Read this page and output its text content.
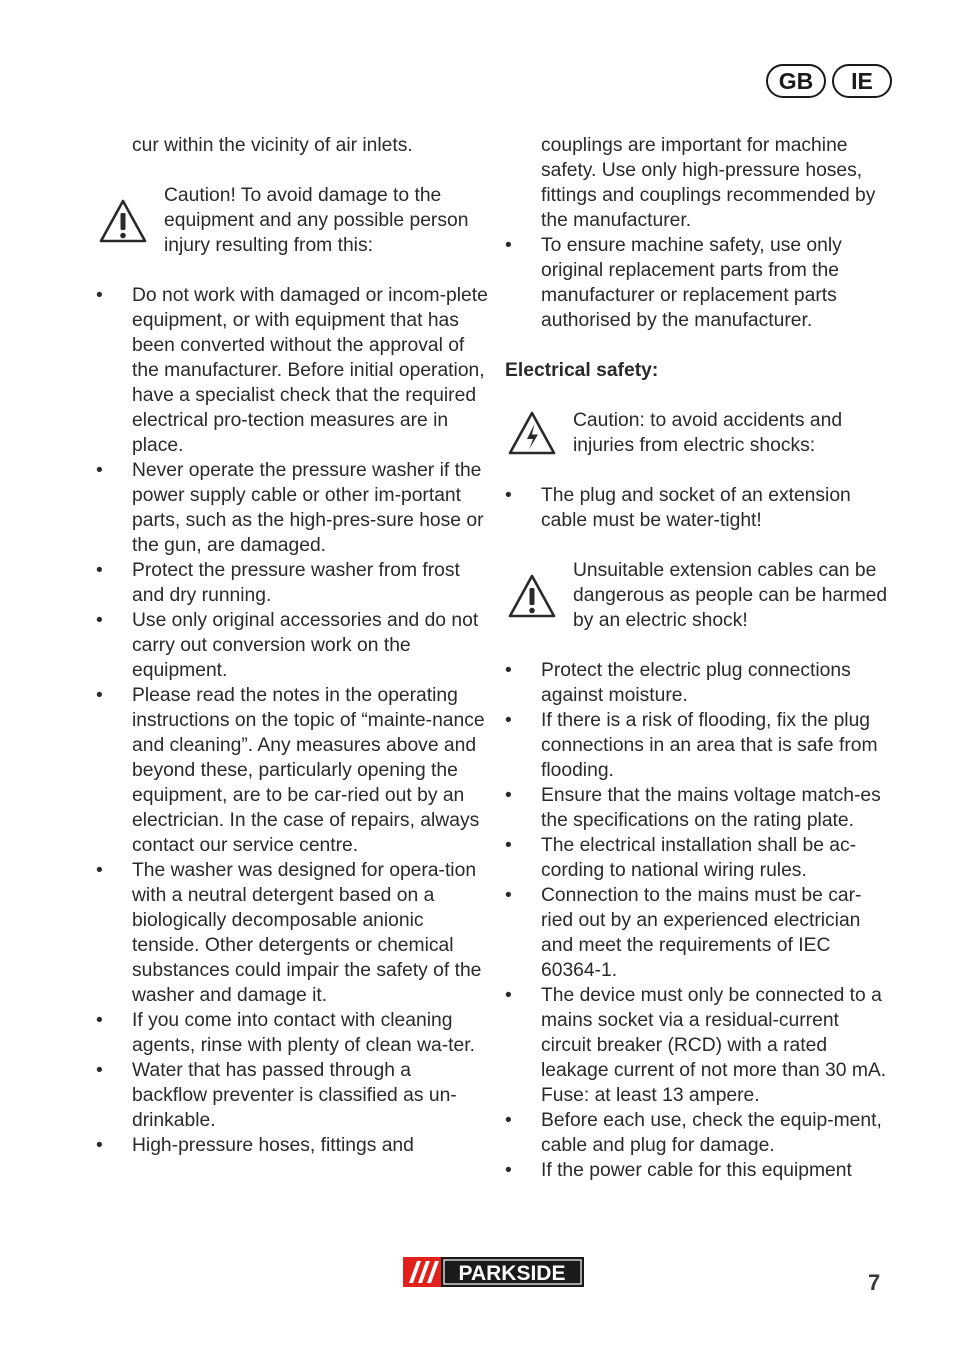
GB	IE

cur within the vicinity of air inlets.

Caution! To avoid damage to the equipment and any possible person injury resulting from this:
• Do not work with damaged or incom-plete equipment, or with equipment that has been converted without the approval of the manufacturer. Before initial operation, have a specialist check that the required electrical pro-tection measures are in place.
• Never operate the pressure washer if the power supply cable or other im-portant parts, such as the high-pres-sure hose or the gun, are damaged.
• Protect the pressure washer from frost and dry running.
• Use only original accessories and do not carry out conversion work on the equipment.
• Please read the notes in the operating instructions on the topic of “mainte-nance and cleaning”. Any measures above and beyond these, particularly opening the equipment, are to be car-ried out by an electrician. In the case of repairs, always contact our service centre.
• The washer was designed for opera-tion with a neutral detergent based on a biologically decomposable anionic tenside. Other detergents or chemical substances could impair the safety of the washer and damage it.
• If you come into contact with cleaning agents, rinse with plenty of clean wa-ter.
• Water that has passed through a backflow preventer is classified as un-drinkable.
• High-pressure hoses, fittings and

couplings are important for machine safety. Use only high-pressure hoses, fittings and couplings recommended by the manufacturer.

• To ensure machine safety, use only original replacement parts from the manufacturer or replacement parts authorised by the manufacturer.

Electrical safety:

Caution: to avoid accidents and injuries from electric shocks:
• The plug and socket of an extension cable must be water-tight!
Unsuitable extension cables can be dangerous as people can be harmed by an electric shock!
• Protect the electric plug connections against moisture.
• If there is a risk of flooding, fix the plug connections in an area that is safe from flooding.
• Ensure that the mains voltage match-es the specifications on the rating plate.
• The electrical installation shall be ac-cording to national wiring rules.
• Connection to the mains must be car-ried out by an experienced electrician and meet the requirements of IEC 60364-1.
• The device must only be connected to a mains socket via a residual-current circuit breaker (RCD) with a rated leakage current of not more than 30 mA. Fuse: at least 13 ampere.
• Before each use, check the equip-ment, cable and plug for damage.
• If the power cable for this equipment
PARKSIDE	7
